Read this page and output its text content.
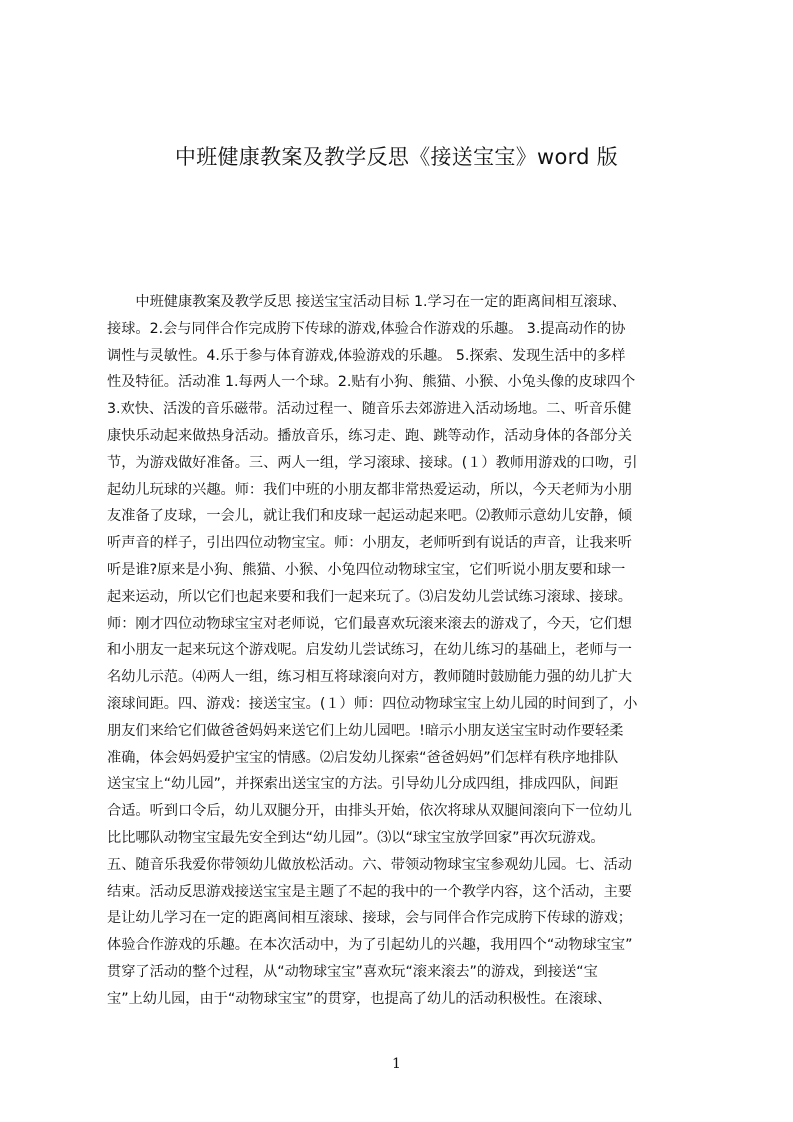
中班健康教案及教学反思《接送宝宝》word 版
　　中班健康教案及教学反思 接送宝宝活动目标 1.学习在一定的距离间相互滚球、
接球。2.会与同伴合作完成胯下传球的游戏,体验合作游戏的乐趣。 3.提高动作的协
调性与灵敏性。4.乐于参与体育游戏,体验游戏的乐趣。 5.探索、发现生活中的多样
性及特征。活动准 1.每两人一个球。2.贴有小狗、熊猫、小猴、小兔头像的皮球四个
3.欢快、活泼的音乐磁带。活动过程一、随音乐去郊游进入活动场地。二、听音乐健
康快乐动起来做热身活动。播放音乐，练习走、跑、跳等动作，活动身体的各部分关
节，为游戏做好准备。三、两人一组，学习滚球、接球。(１）教师用游戏的口吻，引
起幼儿玩球的兴趣。师：我们中班的小朋友都非常热爱运动，所以，今天老师为小朋
友准备了皮球，一会儿，就让我们和皮球一起运动起来吧。⑵教师示意幼儿安静，倾
听声音的样子，引出四位动物宝宝。师：小朋友，老师听到有说话的声音，让我来听
听是谁?原来是小狗、熊猫、小猴、小兔四位动物球宝宝，它们听说小朋友要和球一
起来运动，所以它们也起来要和我们一起来玩了。⑶启发幼儿尝试练习滚球、接球。
师：刚才四位动物球宝宝对老师说，它们最喜欢玩滚来滚去的游戏了，今天，它们想
和小朋友一起来玩这个游戏呢。启发幼儿尝试练习，在幼儿练习的基础上，老师与一
名幼儿示范。⑷两人一组，练习相互将球滚向对方，教师随时鼓励能力强的幼儿扩大
滚球间距。四、游戏：接送宝宝。(１）师：四位动物球宝宝上幼儿园的时间到了，小
朋友们来给它们做爸爸妈妈来送它们上幼儿园吧。!暗示小朋友送宝宝时动作要轻柔
准确，体会妈妈爱护宝宝的情感。⑵启发幼儿探索“爸爸妈妈”们怎样有秩序地排队
送宝宝上“幼儿园”，并探索出送宝宝的方法。引导幼儿分成四组，排成四队，间距
合适。听到口令后，幼儿双腿分开，由排头开始，依次将球从双腿间滚向下一位幼儿
比比哪队动物宝宝最先安全到达“幼儿园”。⑶以“球宝宝放学回家”再次玩游戏。
五、随音乐我爱你带领幼儿做放松活动。六、带领动物球宝宝参观幼儿园。七、活动
结束。活动反思游戏接送宝宝是主题了不起的我中的一个教学内容，这个活动，主要
是让幼儿学习在一定的距离间相互滚球、接球，会与同伴合作完成胯下传球的游戏；
体验合作游戏的乐趣。在本次活动中，为了引起幼儿的兴趣，我用四个“动物球宝宝”
贯穿了活动的整个过程，从“动物球宝宝”喜欢玩“滚来滚去”的游戏，到接送“宝
宝”上幼儿园，由于“动物球宝宝”的贯穿，也提高了幼儿的活动积极性。在滚球、
1
